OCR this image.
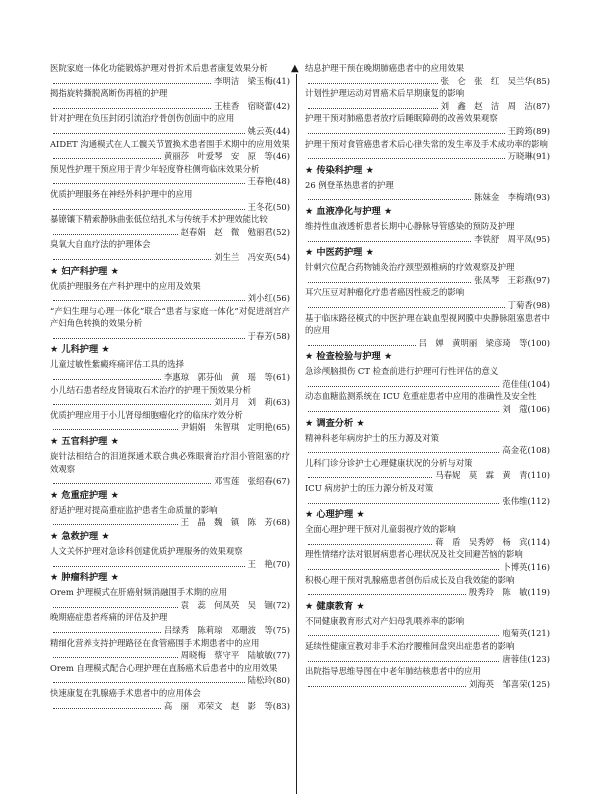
医院家庭一体化功能锻炼护理对骨折术后患者康复效果分析
李明洁　梁玉梅 (41)
揭指旋转撕脱离断伤再植的护理
王桂香　宿晓蕾 (42)
针对护理在负压封闭引流治疗骨创伤创面中的应用
姚云英 (44)
AIDET 沟通模式在人工髋关节置换术患者围手术期中的应用效果
黄丽莎　叶爱琴　安　原　等 (46)
预见性护理干预应用于青少年轻度脊柱侧弯临床效果分析
王春艳 (48)
优质护理服务在神经外科护理中的应用
王冬花 (50)
暴镣镶下精索静脉曲张低位结扎术与传统手术护理效能比较
赵春娟　赵　微　勉丽君 (52)
臭氧大自血疗法的护理体会
刘生兰　冯安英 (54)
★ 妇产科护理 ★
优质护理服务在产科护理中的应用及效果
刘小红 (56)
“产妇生理与心理一体化”联合“患者与家庭一体化”对促进剖宫产产妇角色转换的效果分析
于春芳 (58)
★ 儿科护理 ★
儿童过敏性紫癜疼痛评估工具的选择
李惠琼　郭芬仙　黄　瑶　等 (61)
小儿结石患者经皮肾镜取石术治疗的护理干预效果分析
刘月月　刘　莉 (63)
优质护理应用于小儿肾母细胞瘤化疗的临床疗效分析
尹娟娟　朱智琪　定明艳 (65)
★ 五官科护理 ★
旋针法相结合的泪道探通术联合典必殊眼膏治疗泪小管阻塞的疗效观察
邓雪莲　张绍春 (67)
★ 危重症护理 ★
舒适护理对提高重症监护患者生命质量的影响
王　晶　魏　镇　陈　芳 (68)
★ 急救护理 ★
人文关怀护理对急诊科创建优质护理服务的效果观察
王　艳 (70)
★ 肿瘤科护理 ★
Orem 护理模式在肝癌射频消融围手术期的应用
袁　蕊　何凤英　吴　锢 (72)
晚期癌症患者疼痛的评估及护理
吕绿秀　陈莉琼　邓珊波　等 (75)
精细化营养支持护理路径在食管癌围手术期患者中的应用
周晓梅　蔡守平　陆敏敏 (77)
Orem 自理模式配合心理护理在直肠癌术后患者中的应用效果
陆松玲 (80)
快速康复在乳腺癌手术患者中的应用体会
高　丽　邓荣文　赵　影　等 (83)
▲ 结息护理干预在晚期肺癌患者中的应用效果
张　仑　张　红　吴兰华 (85)
计划性护理运动对胃癌术后早期康复的影响
刘　鑫　赵　洁　周　洁 (87)
护理干预对肺癌患者放疗后睡眠障碍的改善效果观察
王跨筠 (89)
护理干预对食管癌患者术后心律失常的发生率及手术成功率的影响
万晓琳 (91)
★ 传染科护理 ★
26 例登革热患者的护理
陈妹金　李梅靖 (93)
★ 血液净化与护理 ★
维持性血液透析患者长期中心静脉导管感染的预防及护理
李铁舒　周平凤 (95)
★ 中医药护理 ★
针刺穴位配合药物铺灸治疗颈型颈椎病的疗效观察及护理
张凤琴　王彩燕 (97)
耳穴压豆对肿瘤化疗患者癌因性疲乏的影响
丁菊香 (98)
基于临床路径模式的中医护理在缺血型视网膜中央静脉阻塞患者中的应用
吕　婵　黄明丽　梁彦琦　等 (100)
★ 检查检验与护理 ★
急诊颅脑损伤 CT 检查前进行护理可行性评估的意义
范佳佳 (104)
动态血糖监测系统在 ICU 危重症患者中应用的准确性及安全性
刘　蔻 (106)
★ 调查分析 ★
精神科老年病房护士的压力源及对策
高金花 (108)
儿科门诊分诊护士心理健康状况的分析与对策
马春妮　莫　霖　黄　青 (110)
ICU 病房护士的压力源分析及对策
张伟维 (112)
★ 心理护理 ★
全面心理护理干预对儿童弱视疗效的影响
蒋　盾　吴秀婷　杨　宾 (114)
理性情绪疗法对银屑病患者心理状况及社交回避苦恼的影响
卜博英 (116)
积极心理干预对乳腺癌患者创伤后成长及自我效能的影响
殷秀玲　陈　敏 (119)
★ 健康教育 ★
不同健康教育形式对产妇母乳喂养率的影响
庖菊英 (121)
延续性健康宣教对非手术治疗腰椎间盘突出症患者的影响
唐蓉佳 (123)
出院指导思维导图在中老年肺结核患者中的应用
刘海英　邹喜荣 (125)
